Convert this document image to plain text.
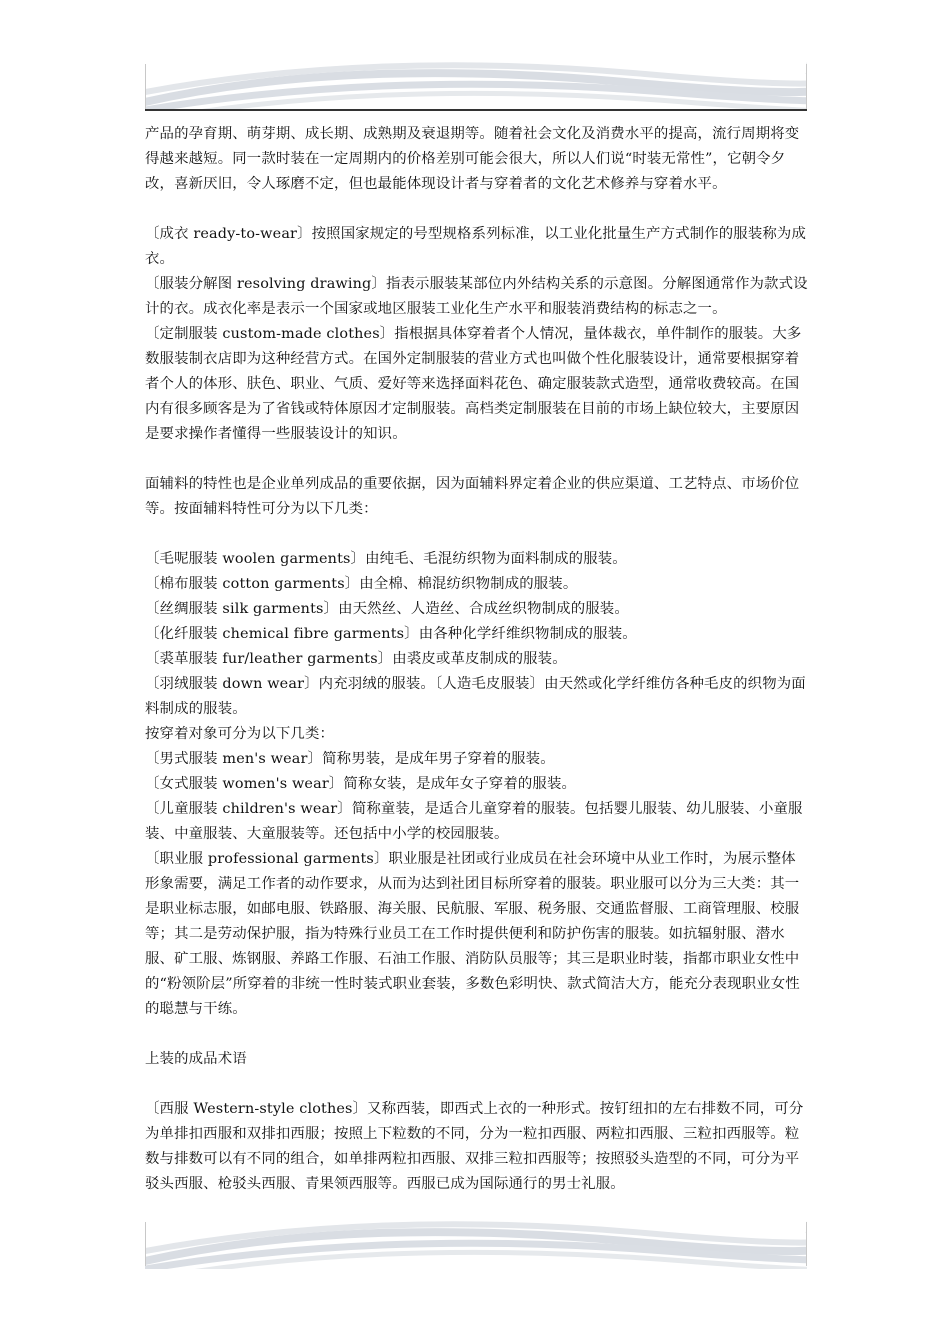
产品的孕育期、萌芽期、成长期、成熟期及衰退期等。随着社会文化及消费水平的提高，流行周期将变得越来越短。同一款时装在一定周期内的价格差别可能会很大，所以人们说“时装无常性”，它朝令夕改，喜新厌旧，令人琢磨不定，但也最能体现设计者与穿着者的文化艺术修养与穿着水平。

〔成衣 ready-to-wear〕按照国家规定的号型规格系列标准，以工业化批量生产方式制作的服装称为成衣。

〔服装分解图 resolving drawing〕指表示服装某部位内外结构关系的示意图。分解图通常作为款式设计的衣。成衣化率是表示一个国家或地区服装工业化生产水平和服装消费结构的标志之一。

〔定制服装 custom-made clothes〕指根据具体穿着者个人情况，量体裁衣，单件制作的服装。大多数服装制衣店即为这种经营方式。在国外定制服装的营业方式也叫做个性化服装设计，通常要根据穿着者个人的体形、肤色、职业、气质、爱好等来选择面料花色、确定服装款式造型，通常收费较高。在国内有很多顾客是为了省钱或特体原因才定制服装。高档类定制服装在目前的市场上缺位较大，主要原因是要求操作者懂得一些服装设计的知识。

面辅料的特性也是企业单列成品的重要依据，因为面辅料界定着企业的供应渠道、工艺特点、市场价位等。按面辅料特性可分为以下几类：

〔毛呢服装 woolen garments〕由纯毛、毛混纺织物为面料制成的服装。

〔棉布服装 cotton garments〕由全棉、棉混纺织物制成的服装。

〔丝绸服装 silk garments〕由天然丝、人造丝、合成丝织物制成的服装。

〔化纤服装 chemical fibre garments〕由各种化学纤维织物制成的服装。

〔裘革服装 fur/leather garments〕由裘皮或革皮制成的服装。

〔羽绒服装 down wear〕内充羽绒的服装。〔人造毛皮服装〕由天然或化学纤维仿各种毛皮的织物为面料制成的服装。

按穿着对象可分为以下几类：

〔男式服装 men's wear〕简称男装，是成年男子穿着的服装。

〔女式服装 women's wear〕简称女装，是成年女子穿着的服装。

〔儿童服装 children's wear〕简称童装，是适合儿童穿着的服装。包括婴儿服装、幼儿服装、小童服装、中童服装、大童服装等。还包括中小学的校园服装。

〔职业服 professional garments〕职业服是社团或行业成员在社会环境中从业工作时，为展示整体形象需要，满足工作者的动作要求，从而为达到社团目标所穿着的服装。职业服可以分为三大类：其一是职业标志服，如邮电服、铁路服、海关服、民航服、军服、税务服、交通监督服、工商管理服、校服等；其二是劳动保护服，指为特殊行业员工在工作时提供便利和防护伤害的服装。如抗辐射服、潜水服、矿工服、炼钢服、养路工作服、石油工作服、消防队员服等；其三是职业时装，指都市职业女性中的“粉领阶层”所穿着的非统一性时装式职业套装，多数色彩明快、款式简洁大方，能充分表现职业女性的聪慧与干练。

上装的成品术语

〔西服 Western-style clothes〕又称西装，即西式上衣的一种形式。按钉纽扣的左右排数不同，可分为单排扣西服和双排扣西服；按照上下粒数的不同，分为一粒扣西服、两粒扣西服、三粒扣西服等。粒数与排数可以有不同的组合，如单排两粒扣西服、双排三粒扣西服等；按照驳头造型的不同，可分为平驳头西服、枪驳头西服、青果领西服等。西服已成为国际通行的男士礼服。
